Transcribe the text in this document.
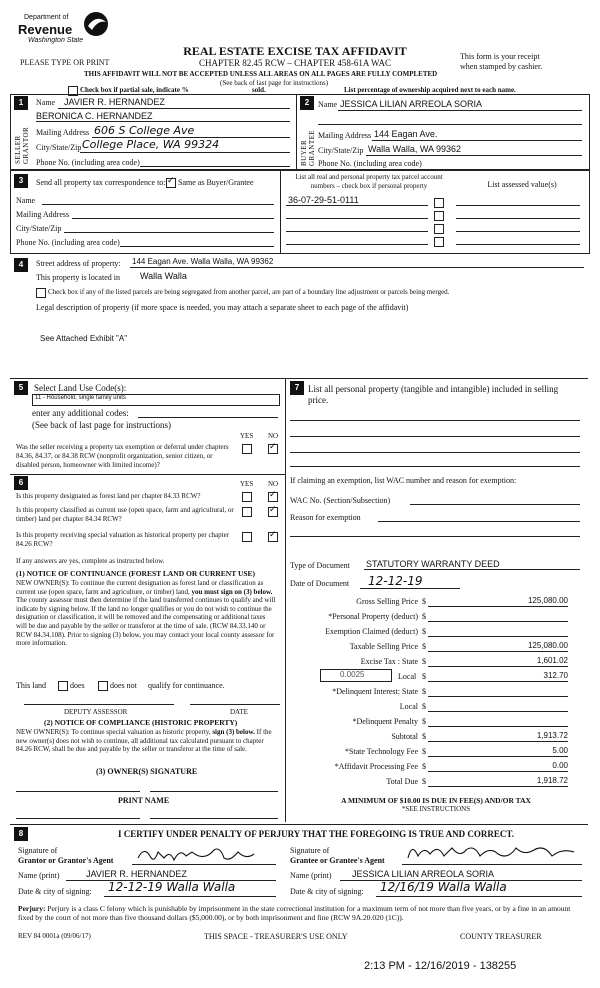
Department of
Revenue
Washington State
PLEASE TYPE OR PRINT
REAL ESTATE EXCISE TAX AFFIDAVIT
CHAPTER 82.45 RCW – CHAPTER 458-61A WAC
This form is your receipt
when stamped by cashier.
THIS AFFIDAVIT WILL NOT BE ACCEPTED UNLESS ALL AREAS ON ALL PAGES ARE FULLY COMPLETED
(See back of last page for instructions)
Check box if partial sale, indicate %	sold.	List percentage of ownership acquired next to each name.
1
SELLER GRANTOR
Name JAVIER R. HERNANDEZ
BERONICA C. HERNANDEZ
Mailing Address 606 S College Ave
City/State/Zip College Place, WA 99324
Phone No. (including area code)
2
BUYER GRANTEE
Name JESSICA LILIAN ARREOLA SORIA
Mailing Address 144 Eagan Ave.
City/State/Zip Walla Walla, WA 99362
Phone No. (including area code)
3	Send all property tax correspondence to:
✓ Same as Buyer/Grantee
Name
Mailing Address
City/State/Zip
Phone No. (including area code)
List all real and personal property tax parcel account numbers – check box if personal property	List assessed value(s)
36-07-29-51-0111
4	Street address of property: 144 Eagan Ave. Walla Walla, WA 99362
This property is located in Walla Walla
Check box if any of the listed parcels are being segregated from another parcel, are part of a boundary line adjustment or parcels being merged.
Legal description of property (if more space is needed, you may attach a separate sheet to each page of the affidavit)
See Attached Exhibit "A"
5	Select Land Use Code(s):
11 - Household, single family units
enter any additional codes:
(See back of last page for instructions)
YES NO
Was the seller receiving a property tax exemption or deferral under chapters 84.36, 84.37, or 84.38 RCW (nonprofit organization, senior citizen, or disabled person, homeowner with limited income)?
✓
7 List all personal property (tangible and intangible) included in selling price.
6	YES NO
Is this property designated as forest land per chapter 84.33 RCW?
✓
Is this property classified as current use (open space, farm and agricultural, or timber) land per chapter 84.34 RCW?
✓
Is this property receiving special valuation as historical property per chapter 84.26 RCW?
✓
If any answers are yes, complete as instructed below.
(1) NOTICE OF CONTINUANCE (FOREST LAND OR CURRENT USE)
NEW OWNER(S): To continue the current designation as forest land or classification as current use (open space, farm and agriculture, or timber) land, you must sign on (3) below. The county assessor must then determine if the land transferred continues to qualify and will indicate by signing below. If the land no longer qualifies or you do not wish to continue the designation or classification, it will be removed and the compensating or additional taxes will be due and payable by the seller or transferor at the time of sale. (RCW 84.33.140 or RCW 84.34.108). Prior to signing (3) below, you may contact your local county assessor for more information.
This land	does	does not qualify for continuance.
DEPUTY ASSESSOR	DATE
(2) NOTICE OF COMPLIANCE (HISTORIC PROPERTY)
NEW OWNER(S): To continue special valuation as historic property, sign (3) below. If the new owner(s) does not wish to continue, all additional tax calculated pursuant to chapter 84.26 RCW, shall be due and payable by the seller or transferor at the time of sale.
(3) OWNER(S) SIGNATURE
PRINT NAME
If claiming an exemption, list WAC number and reason for exemption:
WAC No. (Section/Subsection)
Reason for exemption
Type of Document STATUTORY WARRANTY DEED
Date of Document 12-12-19
Gross Selling Price $	125,080.00
*Personal Property (deduct) $
Exemption Claimed (deduct) $
Taxable Selling Price $	125,080.00
Excise Tax : State $	1,601.02
0.0025	Local $	312.70
*Delinquent Interest: State $
Local $
*Delinquent Penalty $
Subtotal $	1,913.72
*State Technology Fee $	5.00
*Affidavit Processing Fee $	0.00
Total Due $	1,918.72
A MINIMUM OF $10.00 IS DUE IN FEE(S) AND/OR TAX
*SEE INSTRUCTIONS
8	I CERTIFY UNDER PENALTY OF PERJURY THAT THE FOREGOING IS TRUE AND CORRECT.
Signature of
Grantor or Grantor's Agent
Name (print)	JAVIER R. HERNANDEZ
Date & city of signing: 12-12-19 Walla Walla
Signature of
Grantee or Grantee's Agent
Name (print) JESSICA LILIAN ARREOLA SORIA
Date & city of signing: 12/16/19 Walla Walla
Perjury: Perjury is a class C felony which is punishable by imprisonment in the state correctional institution for a maximum term of not more than five years, or by a fine in an amount fixed by the court of not more than five thousand dollars ($5,000.00), or by both imprisonment and fine (RCW 9A.20.020 (1C)).
REV 84 0001a (09/06/17)	THIS SPACE - TREASURER'S USE ONLY	COUNTY TREASURER
2:13 PM - 12/16/2019 - 138255
